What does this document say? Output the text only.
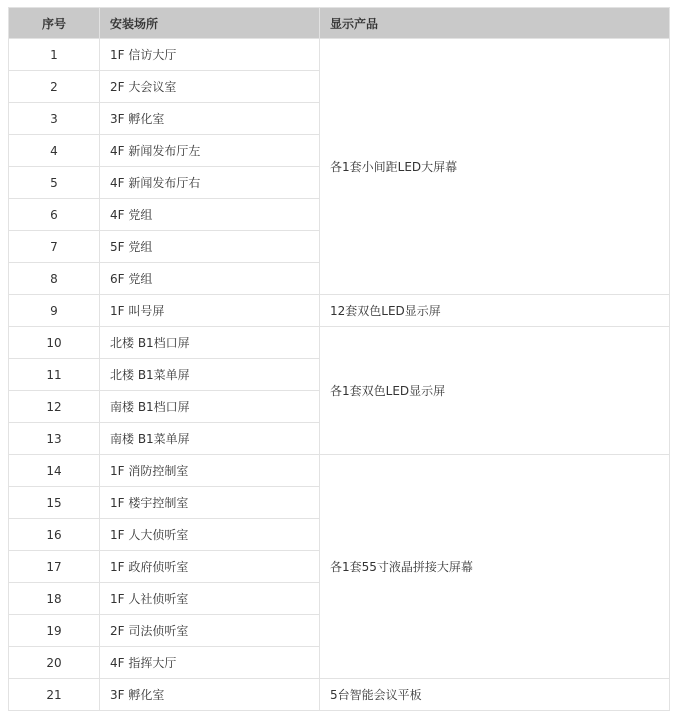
序号	安装场所	显示产品
1	1F 信访大厅	各1套小间距LED大屏幕
2	2F 大会议室	
3	3F 孵化室	
4	4F 新闻发布厅左	
5	4F 新闻发布厅右	
6	4F 党组	
7	5F 党组	
8	6F 党组	
9	1F 叫号屏	12套双色LED显示屏
10	北楼 B1档口屏	各1套双色LED显示屏
11	北楼 B1菜单屏	
12	南楼 B1档口屏	
13	南楼 B1菜单屏	
14	1F 消防控制室	各1套55寸液晶拼接大屏幕
15	1F 楼宇控制室	
16	1F 人大侦听室	
17	1F 政府侦听室	
18	1F 人社侦听室	
19	2F 司法侦听室	
20	4F 指挥大厅	
21	3F 孵化室	5台智能会议平板
